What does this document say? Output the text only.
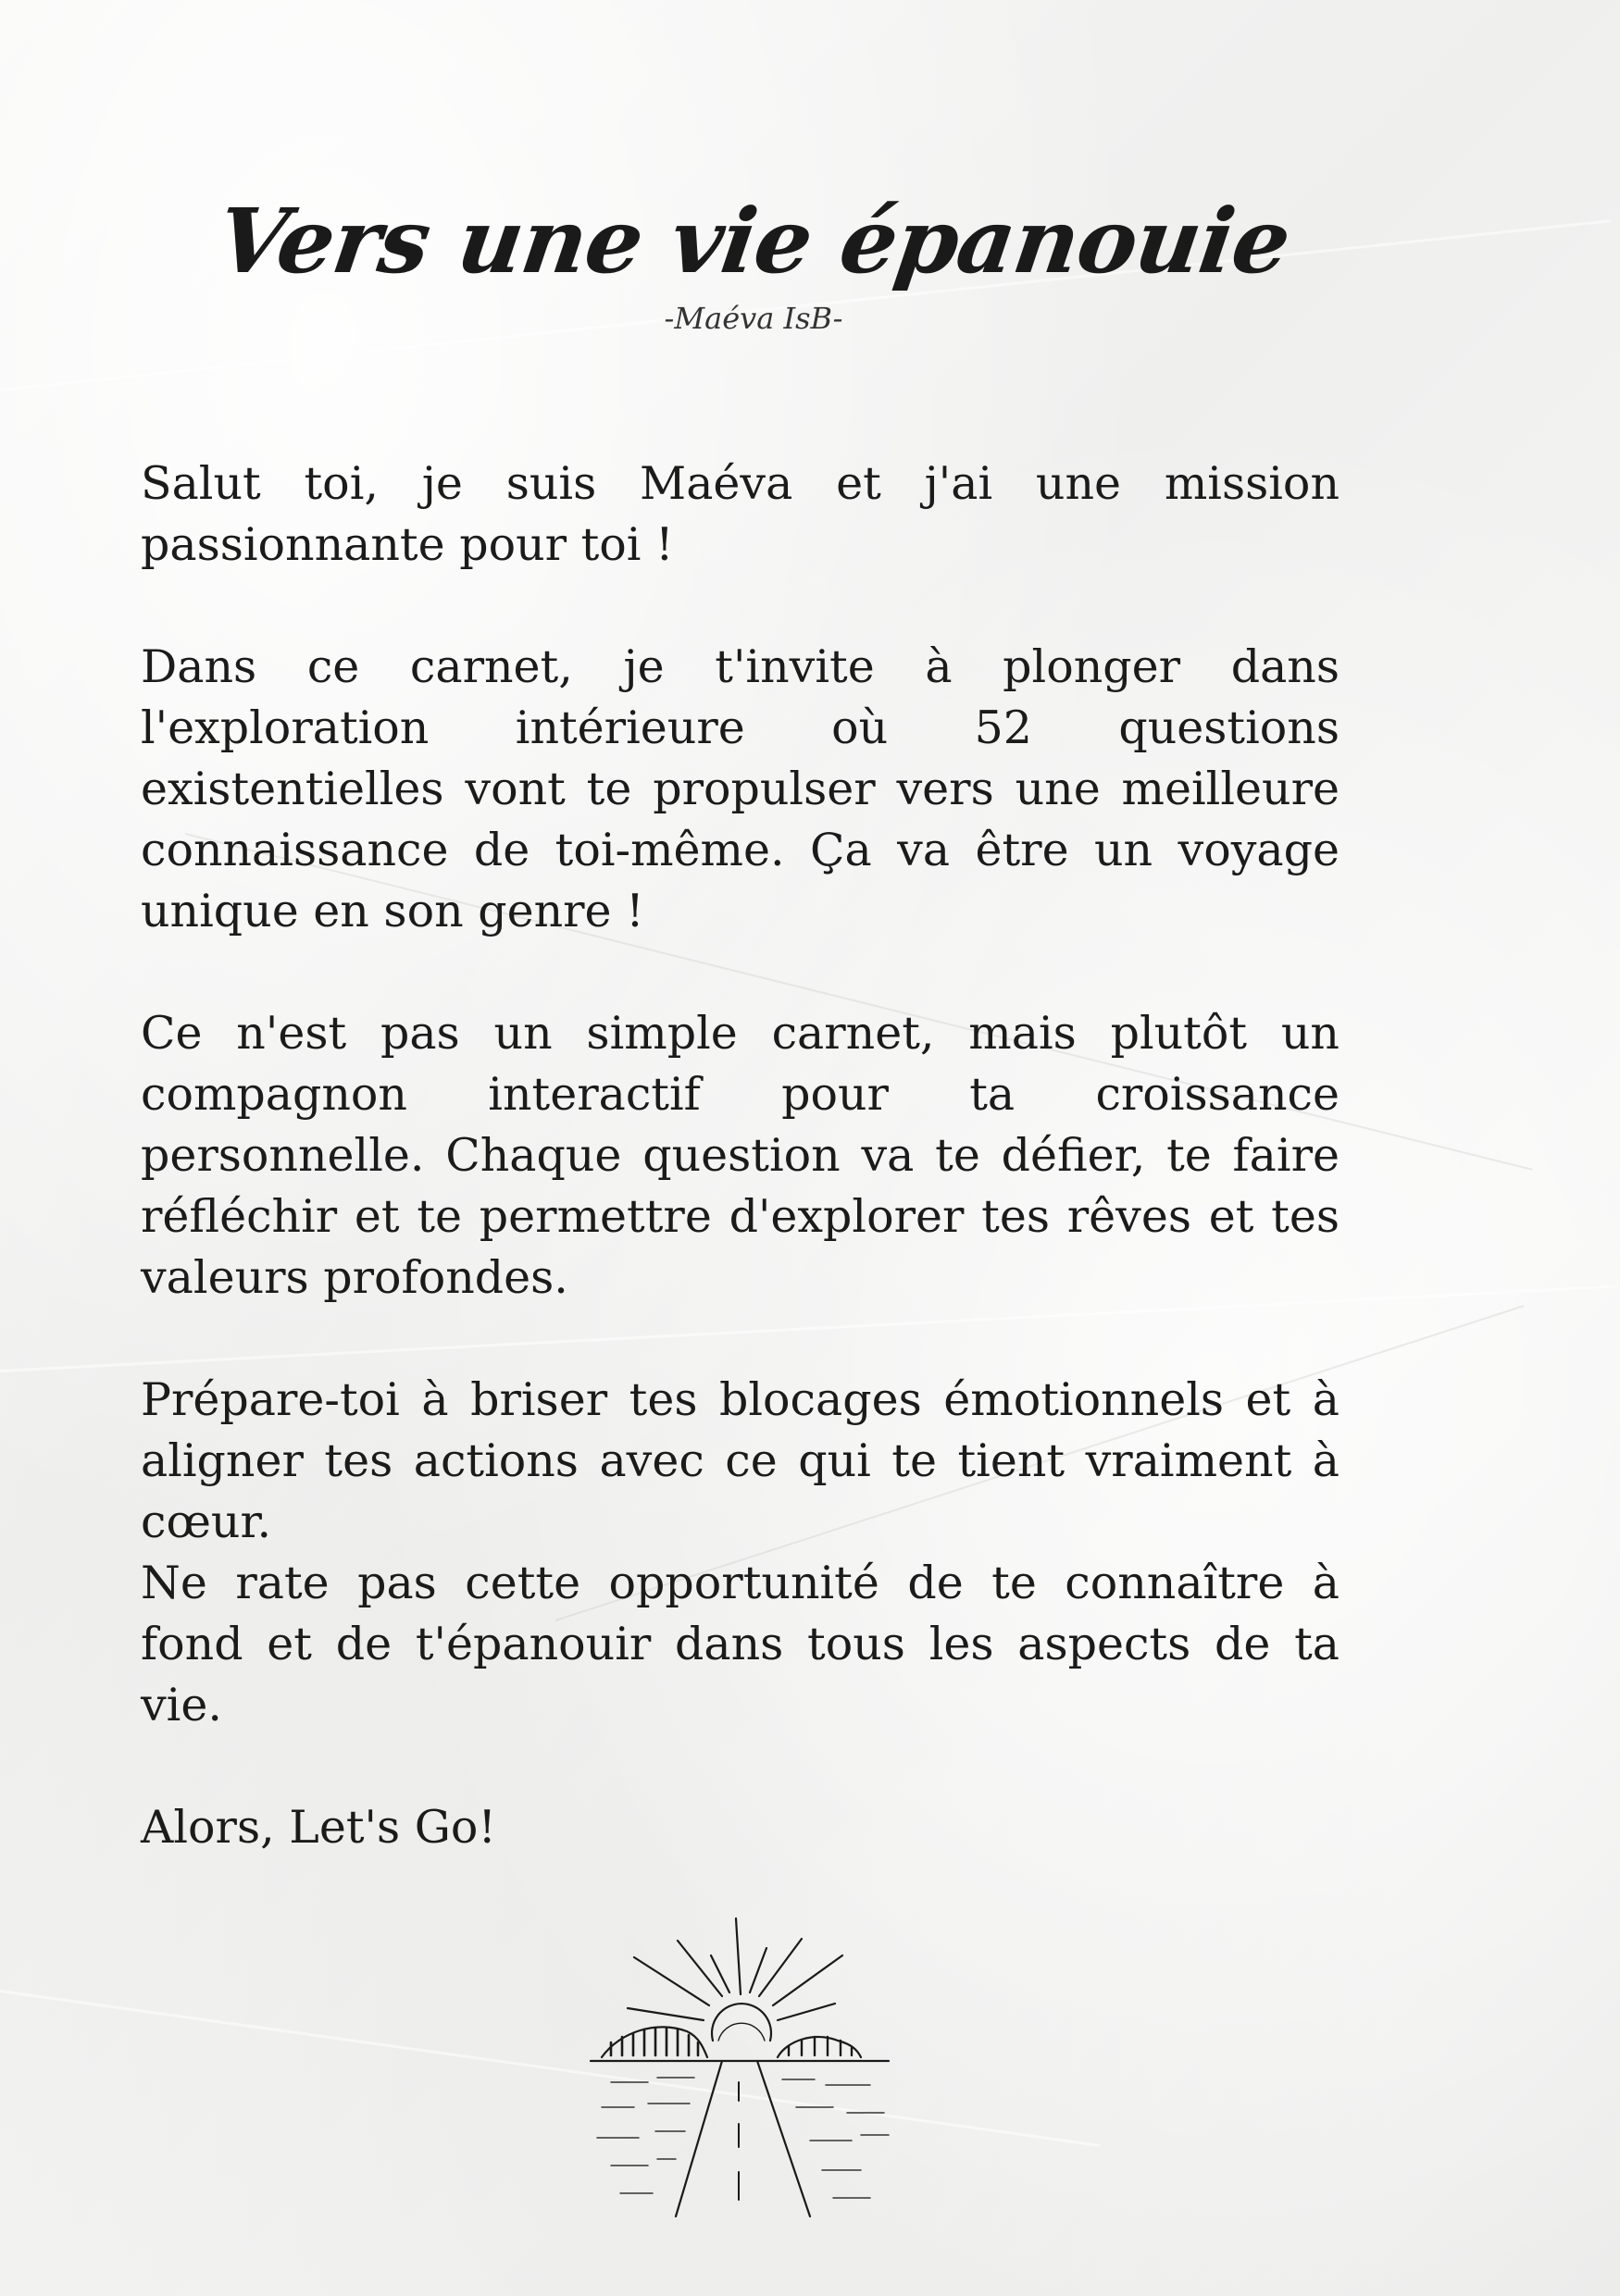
Vers une vie épanouie
-Maéva IsB-

Salut toi, je suis Maéva et j'ai une mission passionnante pour toi !

Dans ce carnet, je t'invite à plonger dans l'exploration intérieure où 52 questions existentielles vont te propulser vers une meilleure connaissance de toi-même. Ça va être un voyage unique en son genre !

Ce n'est pas un simple carnet, mais plutôt un compagnon interactif pour ta croissance personnelle. Chaque question va te défier, te faire réfléchir et te permettre d'explorer tes rêves et tes valeurs profondes.

Prépare-toi à briser tes blocages émotionnels et à aligner tes actions avec ce qui te tient vraiment à cœur.

Ne rate pas cette opportunité de te connaître à fond et de t'épanouir dans tous les aspects de ta vie.

Alors, Let's Go!
